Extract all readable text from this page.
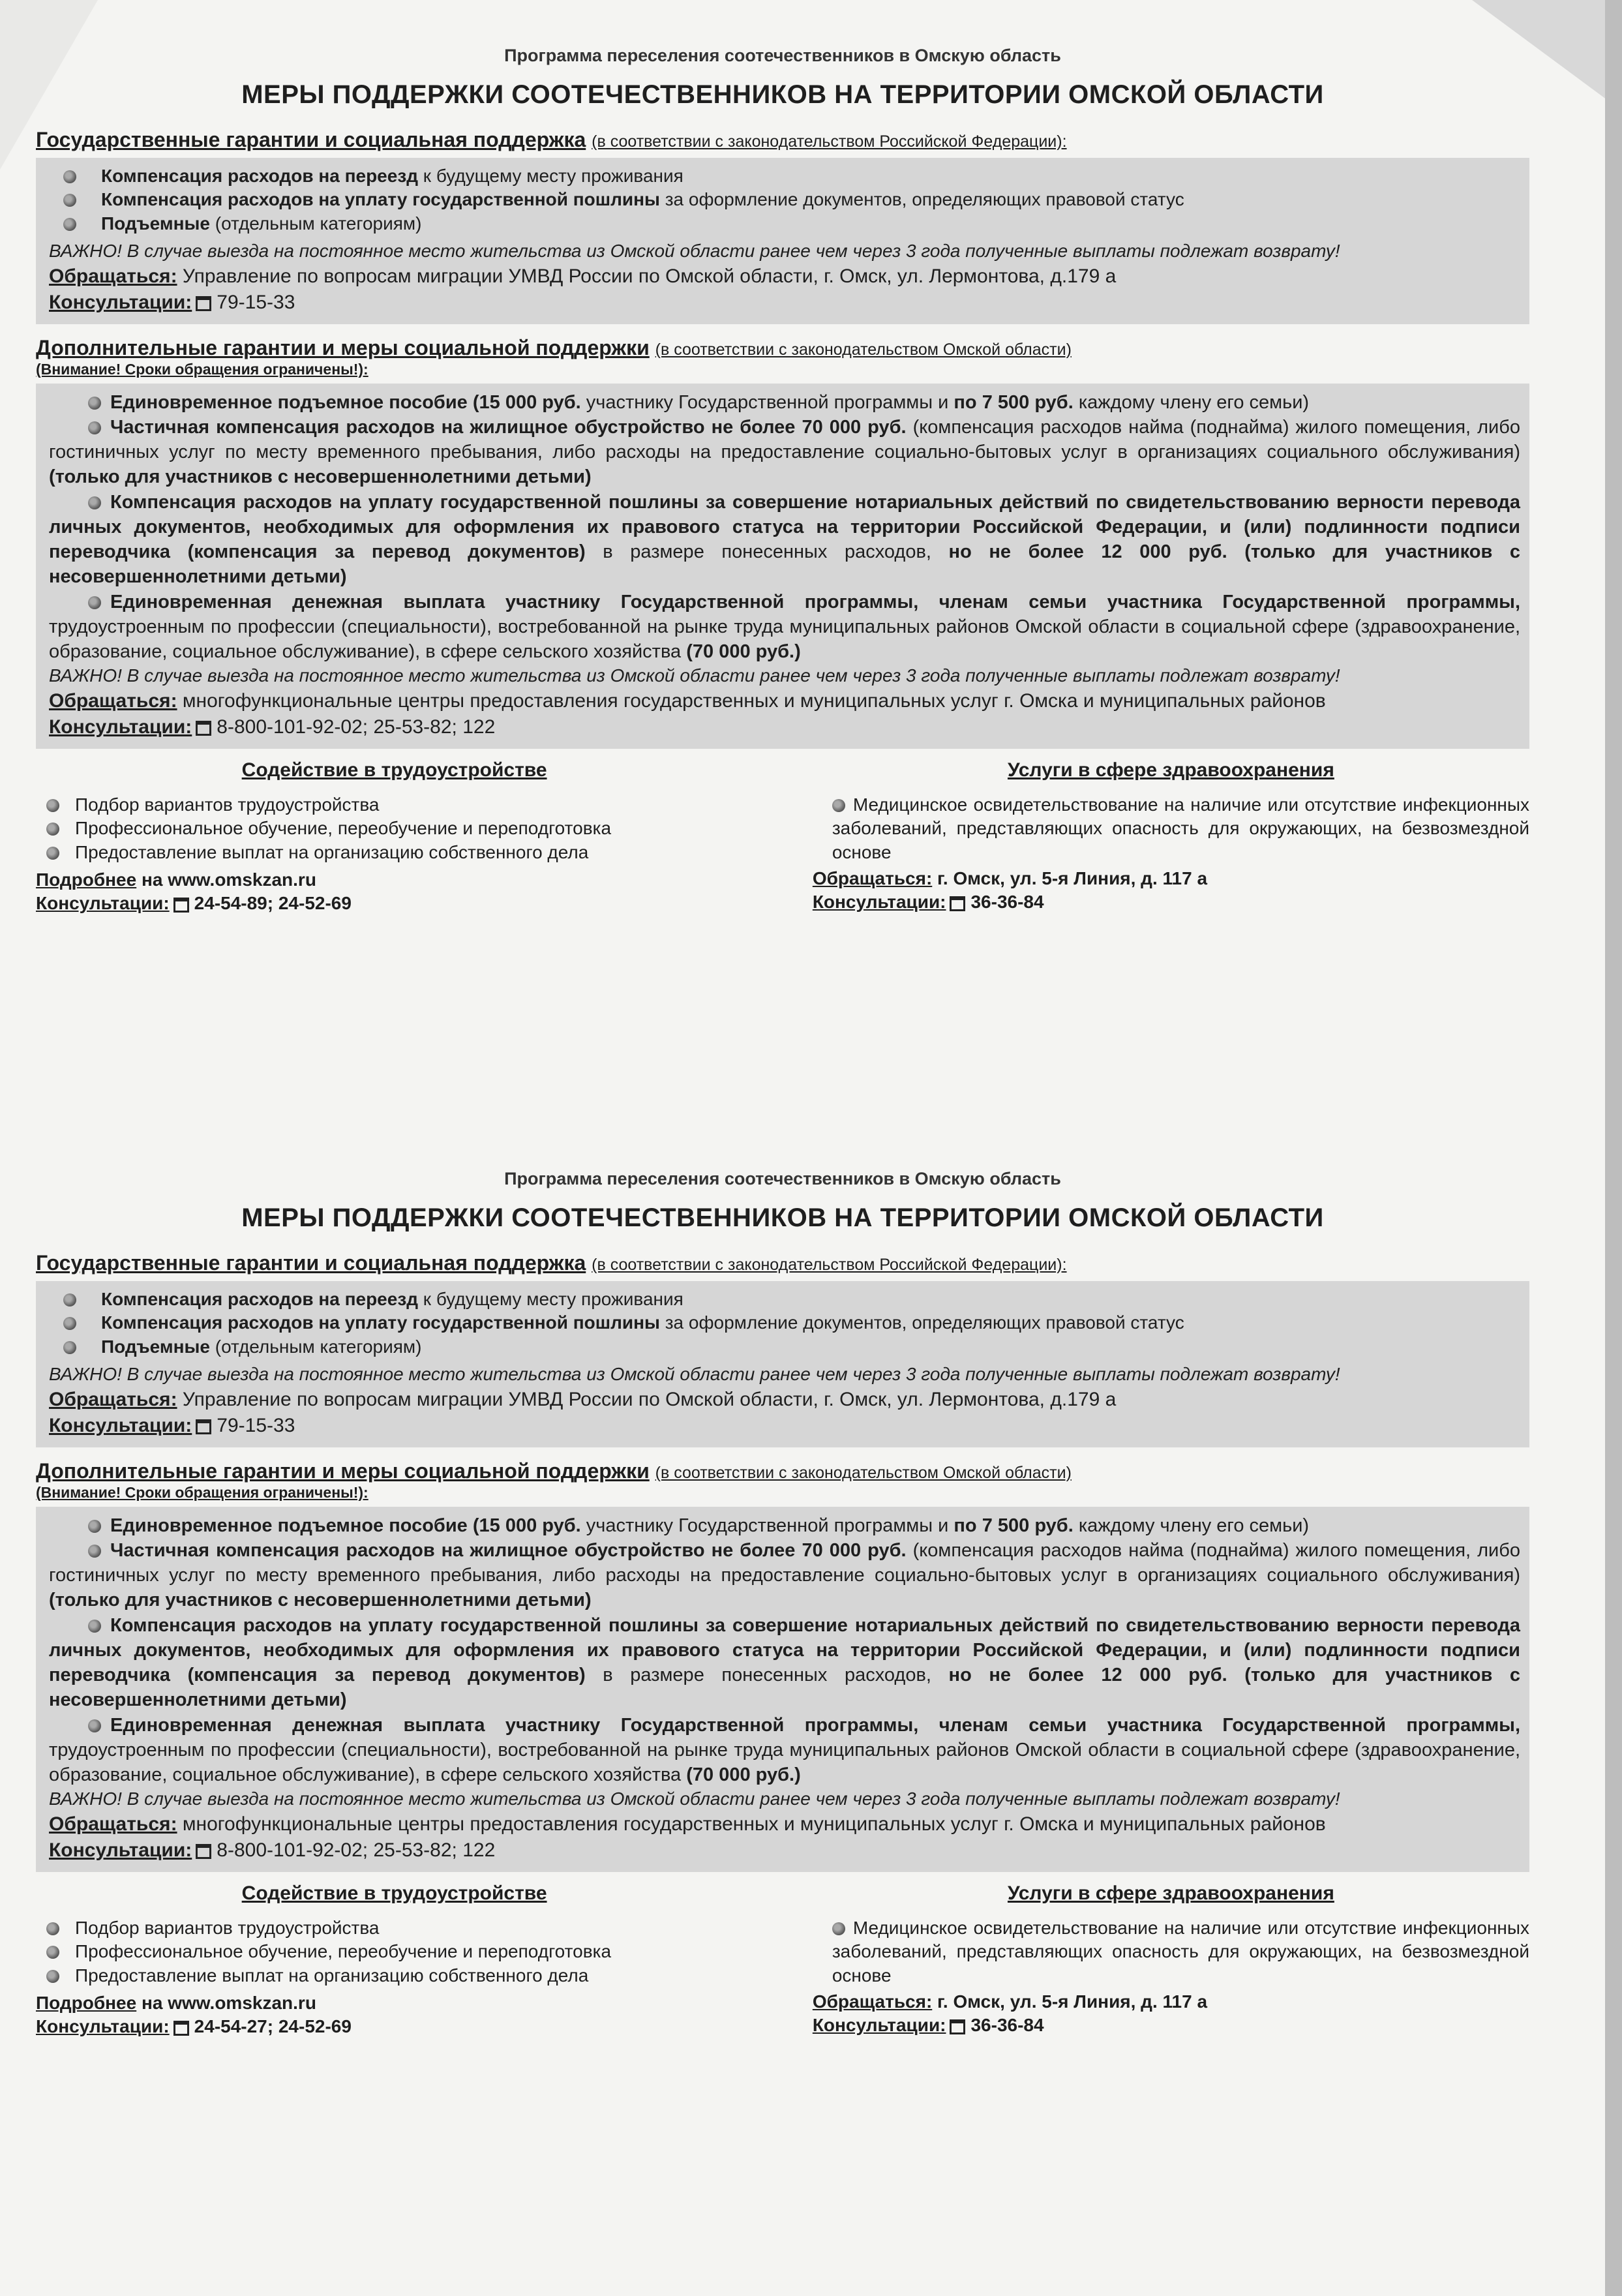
Программа переселения соотечественников в Омскую область

МЕРЫ ПОДДЕРЖКИ СООТЕЧЕСТВЕННИКОВ НА ТЕРРИТОРИИ ОМСКОЙ ОБЛАСТИ

Государственные гарантии и социальная поддержка (в соответствии с законодательством Российской Федерации):

Компенсация расходов на переезд к будущему месту проживания
Компенсация расходов на уплату государственной пошлины за оформление документов, определяющих правовой статус
Подъемные (отдельным категориям)

ВАЖНО! В случае выезда на постоянное место жительства из Омской области ранее чем через 3 года полученные выплаты подлежат возврату!

Обращаться: Управление по вопросам миграции УМВД России по Омской области, г. Омск, ул. Лермонтова, д.179 а

Консультации: 79-15-33

Дополнительные гарантии и меры социальной поддержки (в соответствии с законодательством Омской области)

(Внимание! Сроки обращения ограничены!):

Единовременное подъемное пособие (15 000 руб. участнику Государственной программы и по 7 500 руб. каждому члену его семьи)

Частичная компенсация расходов на жилищное обустройство не более 70 000 руб. (компенсация расходов найма (поднайма) жилого помещения, либо гостиничных услуг по месту временного пребывания, либо расходы на предоставление социально-бытовых услуг в организациях социального обслуживания) (только для участников с несовершеннолетними детьми)

Компенсация расходов на уплату государственной пошлины за совершение нотариальных действий по свидетельствованию верности перевода личных документов, необходимых для оформления их правового статуса на территории Российской Федерации, и (или) подлинности подписи переводчика (компенсация за перевод документов) в размере понесенных расходов, но не более 12 000 руб. (только для участников с несовершеннолетними детьми)

Единовременная денежная выплата участнику Государственной программы, членам семьи участника Государственной программы, трудоустроенным по профессии (специальности), востребованной на рынке труда муниципальных районов Омской области в социальной сфере (здравоохранение, образование, социальное обслуживание), в сфере сельского хозяйства (70 000 руб.)

ВАЖНО! В случае выезда на постоянное место жительства из Омской области ранее чем через 3 года полученные выплаты подлежат возврату!

Обращаться: многофункциональные центры предоставления государственных и муниципальных услуг г. Омска и муниципальных районов

Консультации: 8-800-101-92-02; 25-53-82; 122

Содействие в трудоустройстве

Подбор вариантов трудоустройства
Профессиональное обучение, переобучение и переподготовка
Предоставление выплат на организацию собственного дела

Подробнее на www.omskzan.ru

Консультации: 24-54-89; 24-52-69

Услуги в сфере здравоохранения

Медицинское освидетельствование на наличие или отсутствие инфекционных заболеваний, представляющих опасность для окружающих, на безвозмездной основе

Обращаться: г. Омск, ул. 5-я Линия, д. 117 а

Консультации: 36-36-84

Программа переселения соотечественников в Омскую область

МЕРЫ ПОДДЕРЖКИ СООТЕЧЕСТВЕННИКОВ НА ТЕРРИТОРИИ ОМСКОЙ ОБЛАСТИ

Государственные гарантии и социальная поддержка (в соответствии с законодательством Российской Федерации):

Компенсация расходов на переезд к будущему месту проживания
Компенсация расходов на уплату государственной пошлины за оформление документов, определяющих правовой статус
Подъемные (отдельным категориям)

ВАЖНО! В случае выезда на постоянное место жительства из Омской области ранее чем через 3 года полученные выплаты подлежат возврату!

Обращаться: Управление по вопросам миграции УМВД России по Омской области, г. Омск, ул. Лермонтова, д.179 а

Консультации: 79-15-33

Дополнительные гарантии и меры социальной поддержки (в соответствии с законодательством Омской области)

(Внимание! Сроки обращения ограничены!):

Единовременное подъемное пособие (15 000 руб. участнику Государственной программы и по 7 500 руб. каждому члену его семьи)

Частичная компенсация расходов на жилищное обустройство не более 70 000 руб. (компенсация расходов найма (поднайма) жилого помещения, либо гостиничных услуг по месту временного пребывания, либо расходы на предоставление социально-бытовых услуг в организациях социального обслуживания) (только для участников с несовершеннолетними детьми)

Компенсация расходов на уплату государственной пошлины за совершение нотариальных действий по свидетельствованию верности перевода личных документов, необходимых для оформления их правового статуса на территории Российской Федерации, и (или) подлинности подписи переводчика (компенсация за перевод документов) в размере понесенных расходов, но не более 12 000 руб. (только для участников с несовершеннолетними детьми)

Единовременная денежная выплата участнику Государственной программы, членам семьи участника Государственной программы, трудоустроенным по профессии (специальности), востребованной на рынке труда муниципальных районов Омской области в социальной сфере (здравоохранение, образование, социальное обслуживание), в сфере сельского хозяйства (70 000 руб.)

ВАЖНО! В случае выезда на постоянное место жительства из Омской области ранее чем через 3 года полученные выплаты подлежат возврату!

Обращаться: многофункциональные центры предоставления государственных и муниципальных услуг г. Омска и муниципальных районов

Консультации: 8-800-101-92-02; 25-53-82; 122

Содействие в трудоустройстве

Подбор вариантов трудоустройства
Профессиональное обучение, переобучение и переподготовка
Предоставление выплат на организацию собственного дела

Подробнее на www.omskzan.ru

Консультации: 24-54-27; 24-52-69

Услуги в сфере здравоохранения

Медицинское освидетельствование на наличие или отсутствие инфекционных заболеваний, представляющих опасность для окружающих, на безвозмездной основе

Обращаться: г. Омск, ул. 5-я Линия, д. 117 а

Консультации: 36-36-84
